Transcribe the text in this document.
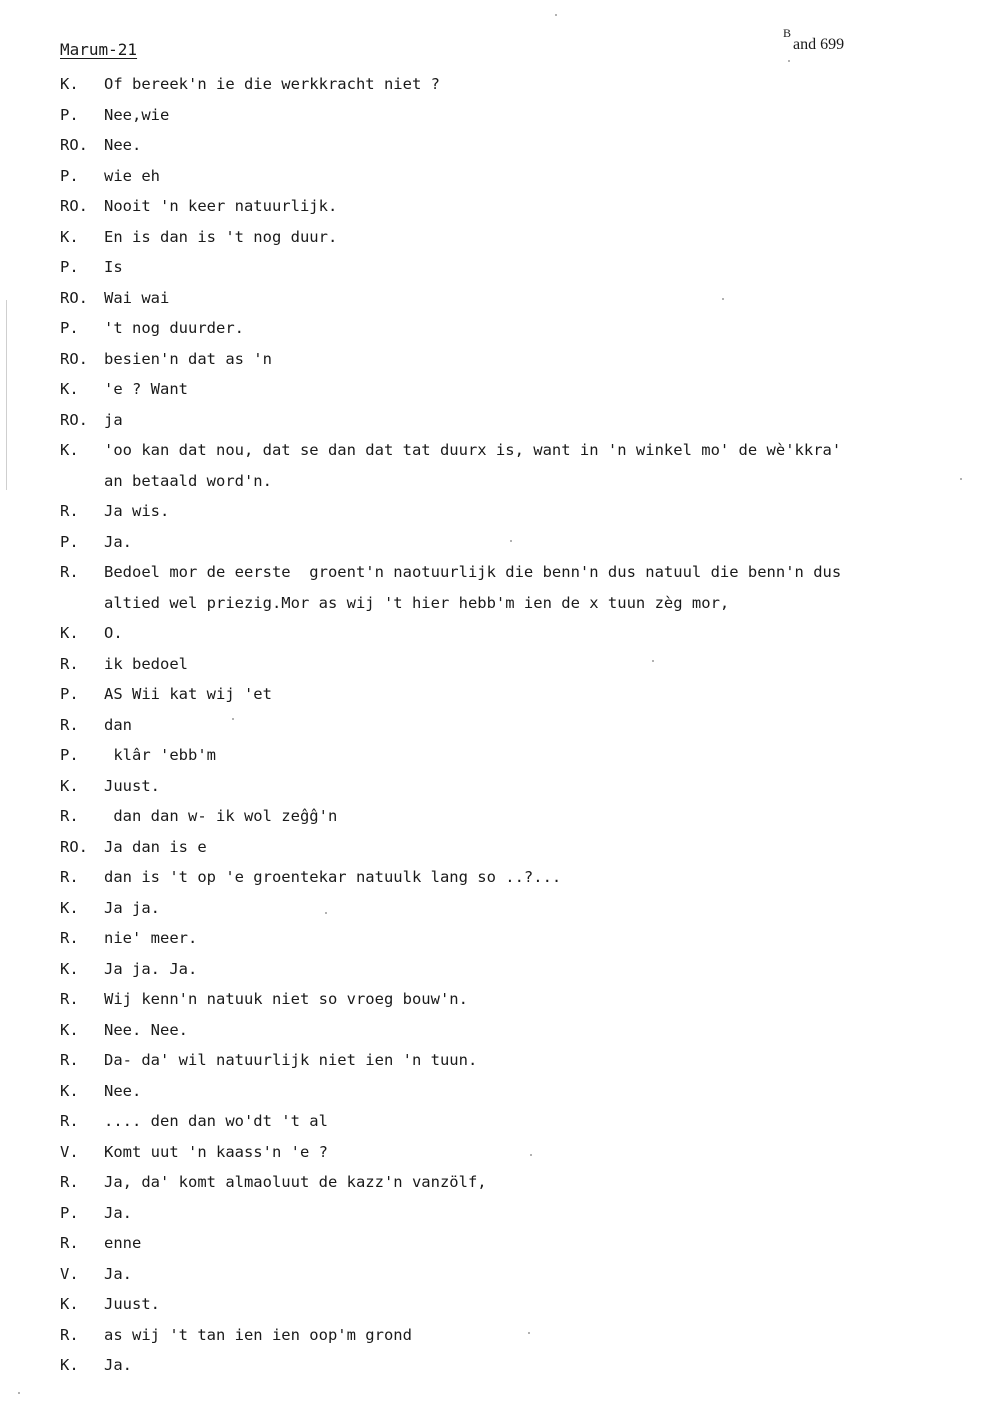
Marum-21
B
and 699
K.	Of bereek'n ie die werkkracht niet ?
P.	Nee,wie
RO.	Nee.
P.	wie eh
RO.	Nooit 'n keer natuurlijk.
K.	En is dan is 't nog duur.
P.	Is
RO.	Wai wai
P.	't nog duurder.
RO.	besien'n dat as 'n
K.	'e ? Want
RO.	ja
K.	'oo kan dat nou, dat se dan dat tat duurx is, want in 'n winkel mo' de wè'kkra'
an betaald word'n.
R.	Ja wis.
P.	Ja.
R.	Bedoel mor de eerste  groent'n naotuurlijk die benn'n dus natuul die benn'n dus
altied wel priezig.Mor as wij 't hier hebb'm ien de x tuun zèg mor,
K.	O.
R.	ik bedoel
P.	AS Wii kat wij 'et
R.	dan
P.	klâr 'ebb'm
K.	Juust.
R.	dan dan w- ik wol zeĝĝ'n
RO.	Ja dan is e
R.	dan is 't op 'e groentekar natuulk lang so ..?...
K.	Ja ja.
R.	nie' meer.
K.	Ja ja. Ja.
R.	Wij kenn'n natuuk niet so vroeg bouw'n.
K.	Nee. Nee.
R.	Da- da' wil natuurlijk niet ien 'n tuun.
K.	Nee.
R.	.... den dan wo'dt 't al
V.	Komt uut 'n kaass'n 'e ?
R.	Ja, da' komt almaoluut de kazz'n vanzölf,
P.	Ja.
R.	enne
V.	Ja.
K.	Juust.
R.	as wij 't tan ien ien oop'm grond
K.	Ja.
